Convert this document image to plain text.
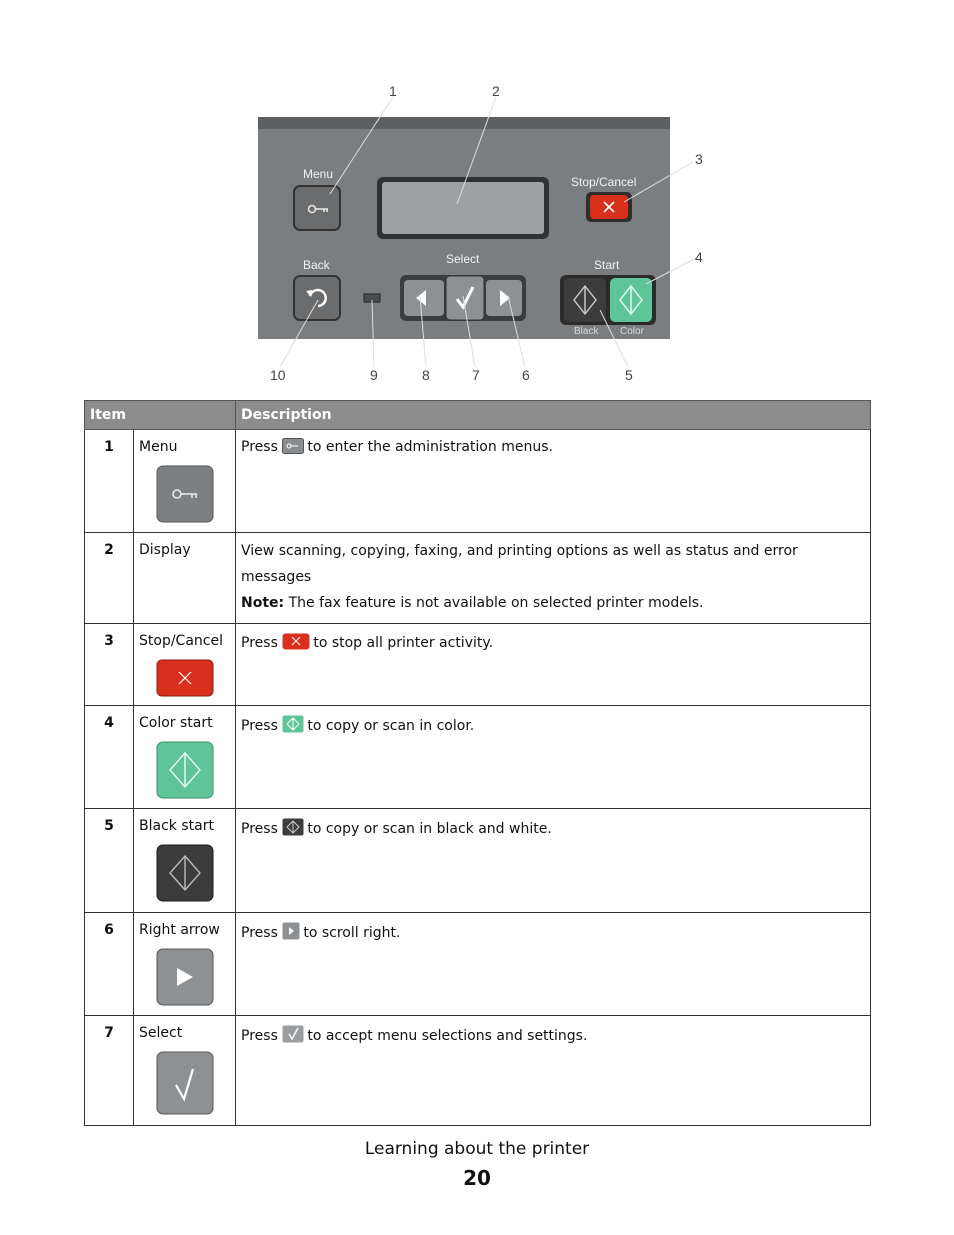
Menu
Stop/Cancel
Back	Select	Start
Black Color
1	2
3
4
5
6
7
8
9
10
Item		Description
1	Menu	Press to enter the administration menus.
2	Display	View scanning, copying, faxing, and printing options as well as status and error messages
Note: The fax feature is not available on selected printer models.

3	Stop/Cancel	Press to stop all printer activity.
4	Color start	Press to copy or scan in color.
5	Black start	Press to copy or scan in black and white.
6	Right arrow	Press to scroll right.
7	Select	Press to accept menu selections and settings.
Learning about the printer
20
